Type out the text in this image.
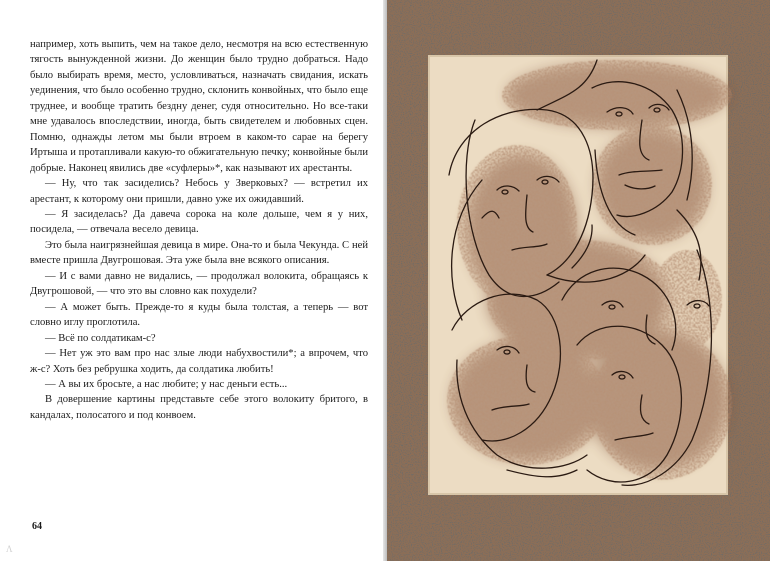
например, хоть выпить, чем на такое дело, несмотря на всю естественную тягость вынужденной жизни. До женщин было трудно добраться. Надо было выбирать время, место, условливаться, назначать свидания, искать уединения, что было особенно трудно, склонить конвойных, что было еще труднее, и вообще тратить бездну денег, судя относительно. Но все-таки мне удавалось впоследствии, иногда, быть свидетелем и любовных сцен. Помню, однажды летом мы были втроем в каком-то сарае на берегу Иртыша и протапливали какую-то обжигательную печку; конвойные были добрые. Наконец явились две «суфлеры»*, как называют их арестанты.

— Ну, что так засиделись? Небось у Зверковых? — встретил их арестант, к которому они пришли, давно уже их ожидавший.

— Я засиделась? Да давеча сорока на коле дольше, чем я у них, посидела, — отвечала весело девица.

Это была наигрязнейшая девица в мире. Она-то и была Чекунда. С ней вместе пришла Двугрошовая. Эта уже была вне всякого описания.

— И с вами давно не видались, — продолжал волокита, обращаясь к Двугрошовой, — что это вы словно как похудели?

— А может быть. Прежде-то я куды была толстая, а теперь — вот словно иглу проглотила.

— Всё по солдатикам-с?

— Нет уж это вам про нас злые люди набухвостили*; а впрочем, что ж-с? Хоть без ребрушка ходить, да солдатика любить!

— А вы их бросьте, а нас любите; у нас деньги есть...

В довершение картины представьте себе этого волокиту бритого, в кандалах, полосатого и под конвоем.

64
Λ
